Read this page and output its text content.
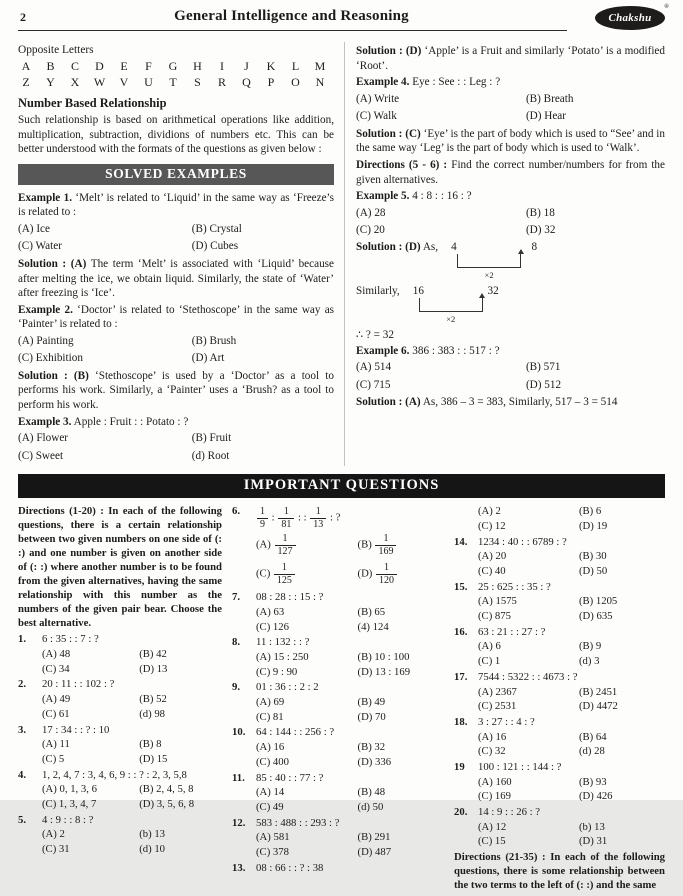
2	General Intelligence and Reasoning	Chakshu
®
Opposite Letters
A	B	C	D	E	F	G	H	I	J	K	L	M
Z	Y	X	W	V	U	T	S	R	Q	P	O	N
Number Based Relationship

Such relationship is based on arithmetical operations like addition, multiplication, subtraction, dividions of numbers etc. This can be better understood with the formats of the questions as given below :

SOLVED EXAMPLES

Example 1. ‘Melt’ is related to ‘Liquid’ in the same way as ‘Freeze’s is related to :

(A) Ice	(B) Crystal
(C) Water	(D) Cubes

Solution : (A) The term ‘Melt’ is associated with ‘Liquid’ because after melting the ice, we obtain liquid. Similarly, the state of ‘Water’ after freezing is ‘Ice’.

Example 2. ‘Doctor’ is related to ‘Stethoscope’ in the same way as ‘Painter’ is related to :

(A) Painting	(B) Brush
(C) Exhibition	(D) Art

Solution : (B) ‘Stethoscope’ is used by a ‘Doctor’ as a tool to performs his work. Similarly, a ‘Painter’ uses a ‘Brush? as a tool to perform his work.

Example 3. Apple : Fruit : : Potato : ?

(A) Flower	(B) Fruit
(C) Sweet	(d) Root

Solution : (D) ‘Apple’ is a Fruit and similarly ‘Potato’ is a modified ‘Root’.

Example 4. Eye : See : : Leg : ?

(A) Write	(B) Breath
(C) Walk	(D) Hear

Solution : (C) ‘Eye’ is the part of body which is used to “See’ and in the same way ‘Leg’ is the part of body which is used to ‘Walk’.

Directions (5 - 6) : Find the correct number/numbers for from the given alternatives.

Example 5. 4 : 8 : : 16 : ?

(A) 28	(B) 18
(C) 20	(D) 32
Solution : (D) As, 4	8
×2
Similarly, 16	32
×2
∴ ? = 32

Example 6. 386 : 383 : : 517 : ?

(A) 514	(B) 571
(C) 715	(D) 512

Solution : (A) As, 386 – 3 = 383, Similarly, 517 – 3 = 514

IMPORTANT QUESTIONS

Directions (1-20) : In each of the following questions, there is a certain relationship between two given numbers on one side of (: :) and one number is given on another side of (: :) where another number is to be found from the given alternatives, having the same relationship with this number as the numbers of the given pair bear. Choose the best alternative.

1.	6 : 35 : : 7 : ?
(A) 48	(B) 42
(C) 34	(D) 13
2.	20 : 11 : : 102 : ?
(A) 49	(B) 52
(C) 61	(d) 98
3.	17 : 34 : : ? : 10
(A) 11	(B) 8
(C) 5	(D) 15
4.	1, 2, 4, 7 : 3, 4, 6, 9 : : ? : 2, 3, 5,8
(A) 0, 1, 3, 6	(B) 2, 4, 5, 8
(C) 1, 3, 4, 7	(D) 3, 5, 6, 8
5.	4 : 9 : : 8 : ?
(A) 2	(b) 13
(C) 31	(d) 10
6.	$\frac{1}{9}$ : $\frac{1}{81}$ : : $\frac{1}{13}$ : ?
$(A) \frac{1}{127}$	$(B) \frac{1}{169}$
$(C) \frac{1}{125}$	$(D) \frac{1}{120}$
7.	08 : 28 : : 15 : ?
(A) 63	(B) 65
(C) 126	(4) 124
8.	11 : 132 : : ?
(A) 15 : 250	(B) 10 : 100
(C) 9 : 90	(D) 13 : 169
9.	01 : 36 : : 2 : 2
(A) 69	(B) 49
(C) 81	(D) 70
10. 64 : 144 : : 256 : ?
(A) 16	(B) 32
(C) 400	(D) 336
11.	85 : 40 : : 77 : ?
(A) 14	(B) 48
(C) 49	(d) 50
12. 583 : 488 : : 293 : ?
(A) 581	(B) 291
(C) 378	(D) 487
13. 08 : 66 : : ? : 38
(A) 2	(B) 6
(C) 12	(D) 19
14. 1234 : 40 : : 6789 : ?
(A) 20	(B) 30
(C) 40	(D) 50
15. 25 : 625 : : 35 : ?
(A) 1575	(B) 1205
(C) 875	(D) 635
16. 63 : 21 : : 27 : ?
(A) 6	(B) 9
(C) 1	(d) 3
17. 7544 : 5322 : : 4673 : ?
(A) 2367	(B) 2451
(C) 2531	(D) 4472
18. 3 : 27 : : 4 : ?
(A) 16	(B) 64
(C) 32	(d) 28
19	100 : 121 : : 144 : ?
(A) 160	(B) 93
(C) 169	(D) 426
20. 14 : 9 : : 26 : ?
(A) 12	(b) 13
(C) 15	(D) 31

Directions (21-35) : In each of the following questions, there is some relationship between the two terms to the left of (: :) and the same
